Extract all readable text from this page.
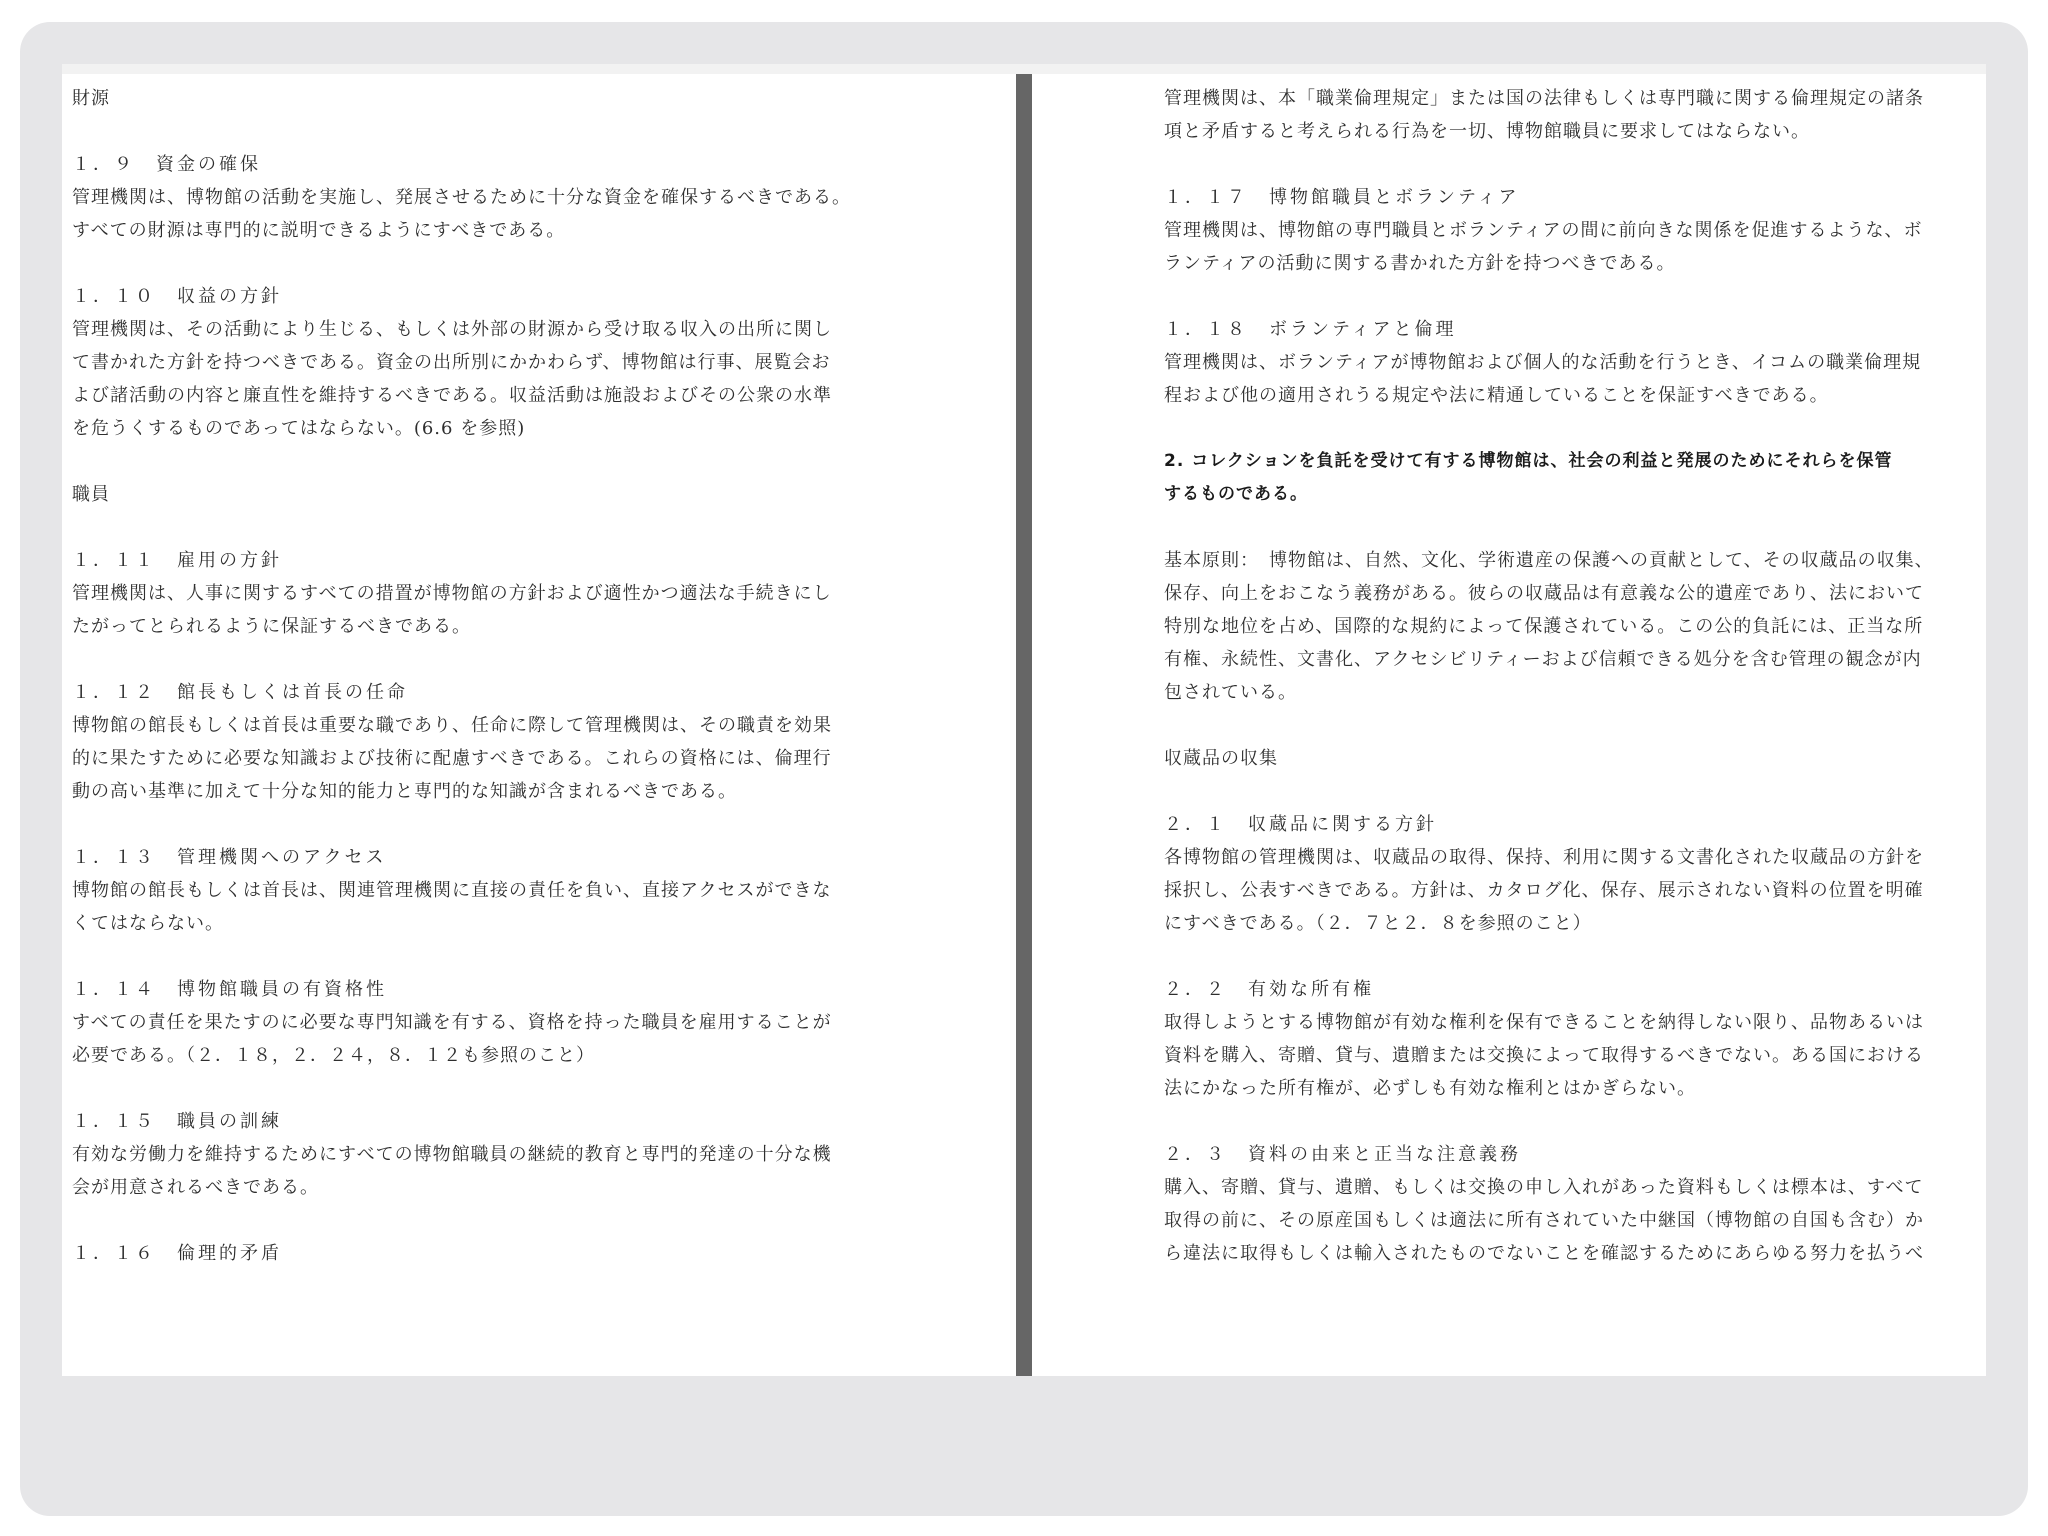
財源
１．９　資金の確保
管理機関は、博物館の活動を実施し、発展させるために十分な資金を確保するべきである。
すべての財源は専門的に説明できるようにすべきである。
１．１０　収益の方針
管理機関は、その活動により生じる、もしくは外部の財源から受け取る収入の出所に関し
て書かれた方針を持つべきである。資金の出所別にかかわらず、博物館は行事、展覧会お
よび諸活動の内容と廉直性を維持するべきである。収益活動は施設およびその公衆の水準
を危うくするものであってはならない。(6.6 を参照)
職員
１．１１　雇用の方針
管理機関は、人事に関するすべての措置が博物館の方針および適性かつ適法な手続きにし
たがってとられるように保証するべきである。
１．１２　館長もしくは首長の任命
博物館の館長もしくは首長は重要な職であり、任命に際して管理機関は、その職責を効果
的に果たすために必要な知識および技術に配慮すべきである。これらの資格には、倫理行
動の高い基準に加えて十分な知的能力と専門的な知識が含まれるべきである。
１．１３　管理機関へのアクセス
博物館の館長もしくは首長は、関連管理機関に直接の責任を負い、直接アクセスができな
くてはならない。
１．１４　博物館職員の有資格性
すべての責任を果たすのに必要な専門知識を有する、資格を持った職員を雇用することが
必要である。（２．１８，２．２４，８．１２も参照のこと）
１．１５　職員の訓練
有効な労働力を維持するためにすべての博物館職員の継続的教育と専門的発達の十分な機
会が用意されるべきである。
１．１６　倫理的矛盾
管理機関は、本「職業倫理規定」または国の法律もしくは専門職に関する倫理規定の諸条
項と矛盾すると考えられる行為を一切、博物館職員に要求してはならない。
１．１７　博物館職員とボランティア
管理機関は、博物館の専門職員とボランティアの間に前向きな関係を促進するような、ボ
ランティアの活動に関する書かれた方針を持つべきである。
１．１８　ボランティアと倫理
管理機関は、ボランティアが博物館および個人的な活動を行うとき、イコムの職業倫理規
程および他の適用されうる規定や法に精通していることを保証すべきである。
2. コレクションを負託を受けて有する博物館は、社会の利益と発展のためにそれらを保管
するものである。
基本原則：　博物館は、自然、文化、学術遺産の保護への貢献として、その収蔵品の収集、
保存、向上をおこなう義務がある。彼らの収蔵品は有意義な公的遺産であり、法において
特別な地位を占め、国際的な規約によって保護されている。この公的負託には、正当な所
有権、永続性、文書化、アクセシビリティーおよび信頼できる処分を含む管理の観念が内
包されている。
収蔵品の収集
２．１　収蔵品に関する方針
各博物館の管理機関は、収蔵品の取得、保持、利用に関する文書化された収蔵品の方針を
採択し、公表すべきである。方針は、カタログ化、保存、展示されない資料の位置を明確
にすべきである。（２．７と２．８を参照のこと）
２．２　有効な所有権
取得しようとする博物館が有効な権利を保有できることを納得しない限り、品物あるいは
資料を購入、寄贈、貸与、遺贈または交換によって取得するべきでない。ある国における
法にかなった所有権が、必ずしも有効な権利とはかぎらない。
２．３　資料の由来と正当な注意義務
購入、寄贈、貸与、遺贈、もしくは交換の申し入れがあった資料もしくは標本は、すべて
取得の前に、その原産国もしくは適法に所有されていた中継国（博物館の自国も含む）か
ら違法に取得もしくは輸入されたものでないことを確認するためにあらゆる努力を払うべ
